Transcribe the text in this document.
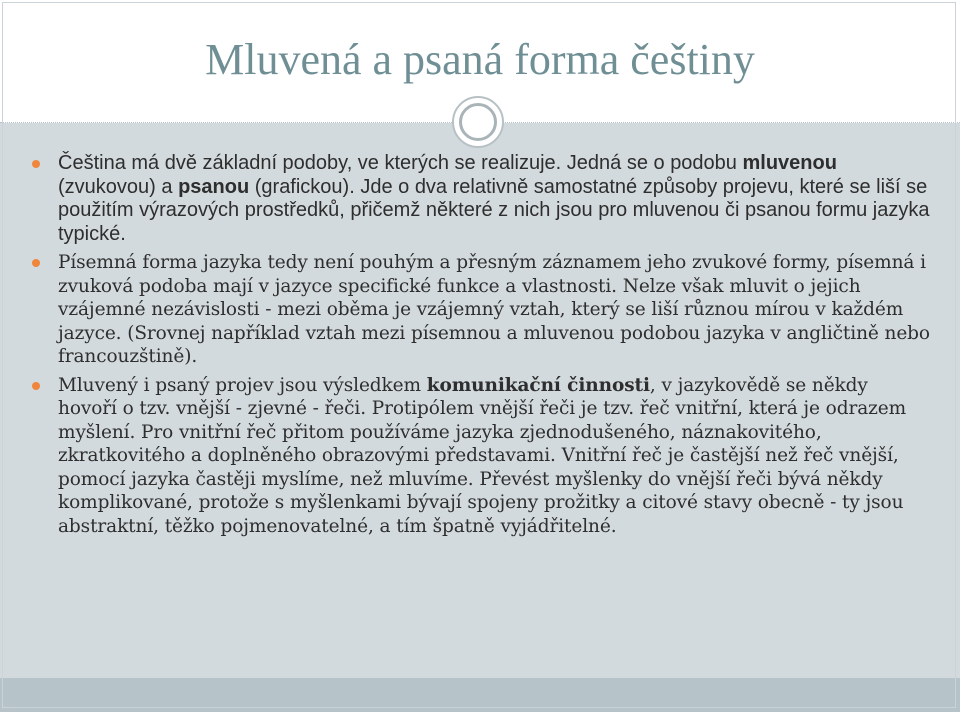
Mluvená a psaná forma češtiny
Čeština má dvě základní podoby, ve kterých se realizuje. Jedná se o podobu mluvenou (zvukovou) a psanou (grafickou). Jde o dva relativně samostatné způsoby projevu, které se liší se použitím výrazových prostředků, přičemž některé z nich jsou pro mluvenou či psanou formu jazyka typické.
Písemná forma jazyka tedy není pouhým a přesným záznamem jeho zvukové formy, písemná i zvuková podoba mají v jazyce specifické funkce a vlastnosti. Nelze však mluvit o jejich vzájemné nezávislosti - mezi oběma je vzájemný vztah, který se liší různou mírou v každém jazyce. (Srovnej například vztah mezi písemnou a mluvenou podobou jazyka v angličtině nebo francouzštině).
Mluvený i psaný projev jsou výsledkem komunikační činnosti, v jazykovědě se někdy hovoří o tzv. vnější - zjevné - řeči. Protipólem vnější řeči je tzv. řeč vnitřní, která je odrazem myšlení. Pro vnitřní řeč přitom používáme jazyka zjednodušeného, náznakovitého, zkratkovitého a doplněného obrazovými představami. Vnitřní řeč je častější než řeč vnější, pomocí jazyka častěji myslíme, než mluvíme. Převést myšlenky do vnější řeči bývá někdy komplikované, protože s myšlenkami bývají spojeny prožitky a citové stavy obecně - ty jsou abstraktní, těžko pojmenovatelné, a tím špatně vyjádřitelné.
